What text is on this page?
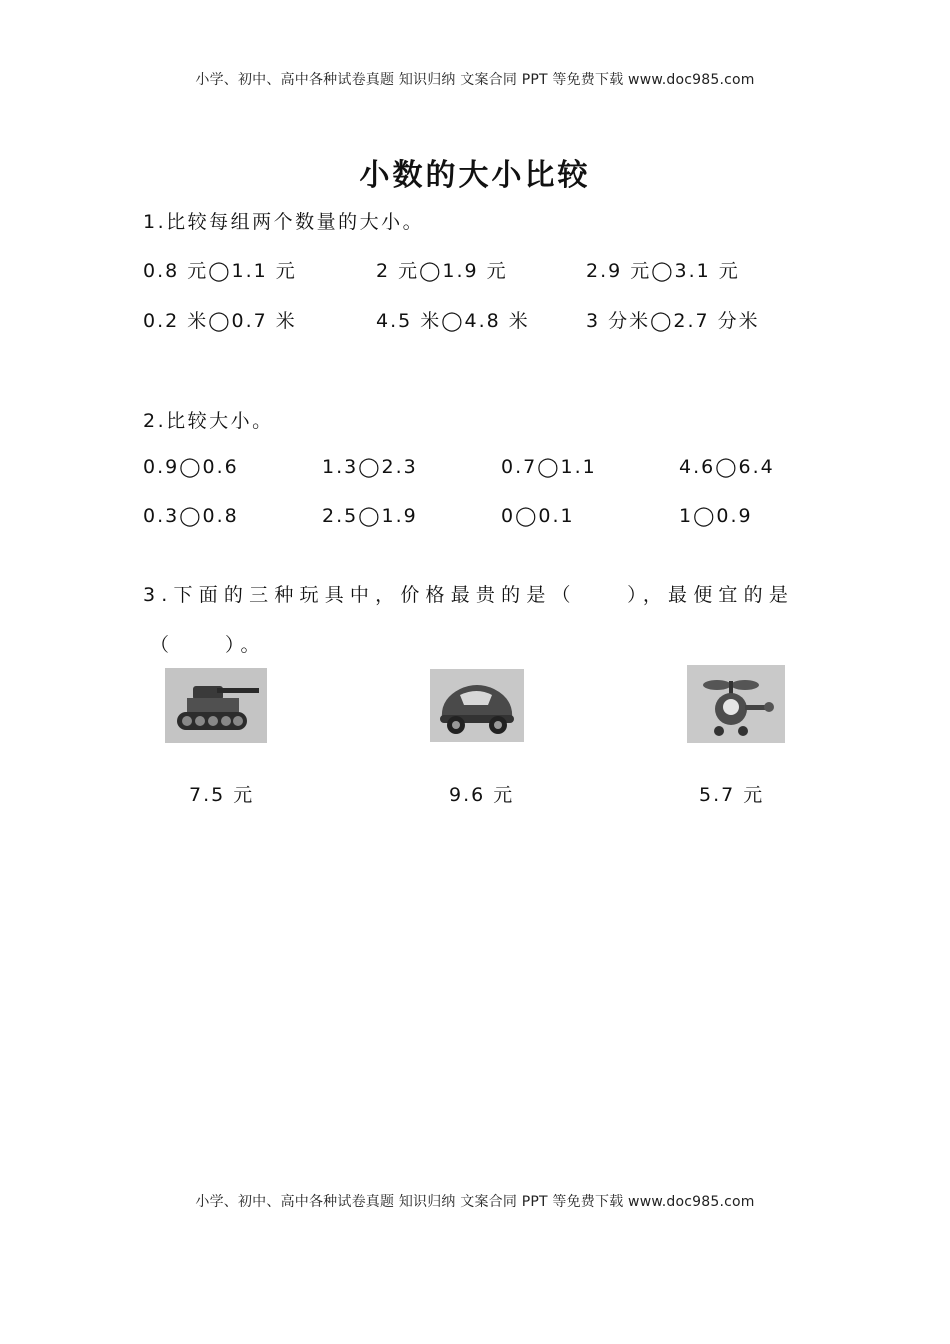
小学、初中、高中各种试卷真题 知识归纳 文案合同 PPT 等免费下载 www.doc985.com
小数的大小比较
1.比较每组两个数量的大小。
0.8 元◯1.1 元	2 元◯1.9 元	2.9 元◯3.1 元
0.2 米◯0.7 米	4.5 米◯4.8 米	3 分米◯2.7 分米
2.比较大小。
0.9◯0.6	1.3◯2.3	0.7◯1.1	4.6◯6.4
0.3◯0.8	2.5◯1.9	0◯0.1	1◯0.9
3.下面的三种玩具中，价格最贵的是（　　），最便宜的是
（　　）。
7.5 元	9.6 元	5.7 元
小学、初中、高中各种试卷真题 知识归纳 文案合同 PPT 等免费下载 www.doc985.com
